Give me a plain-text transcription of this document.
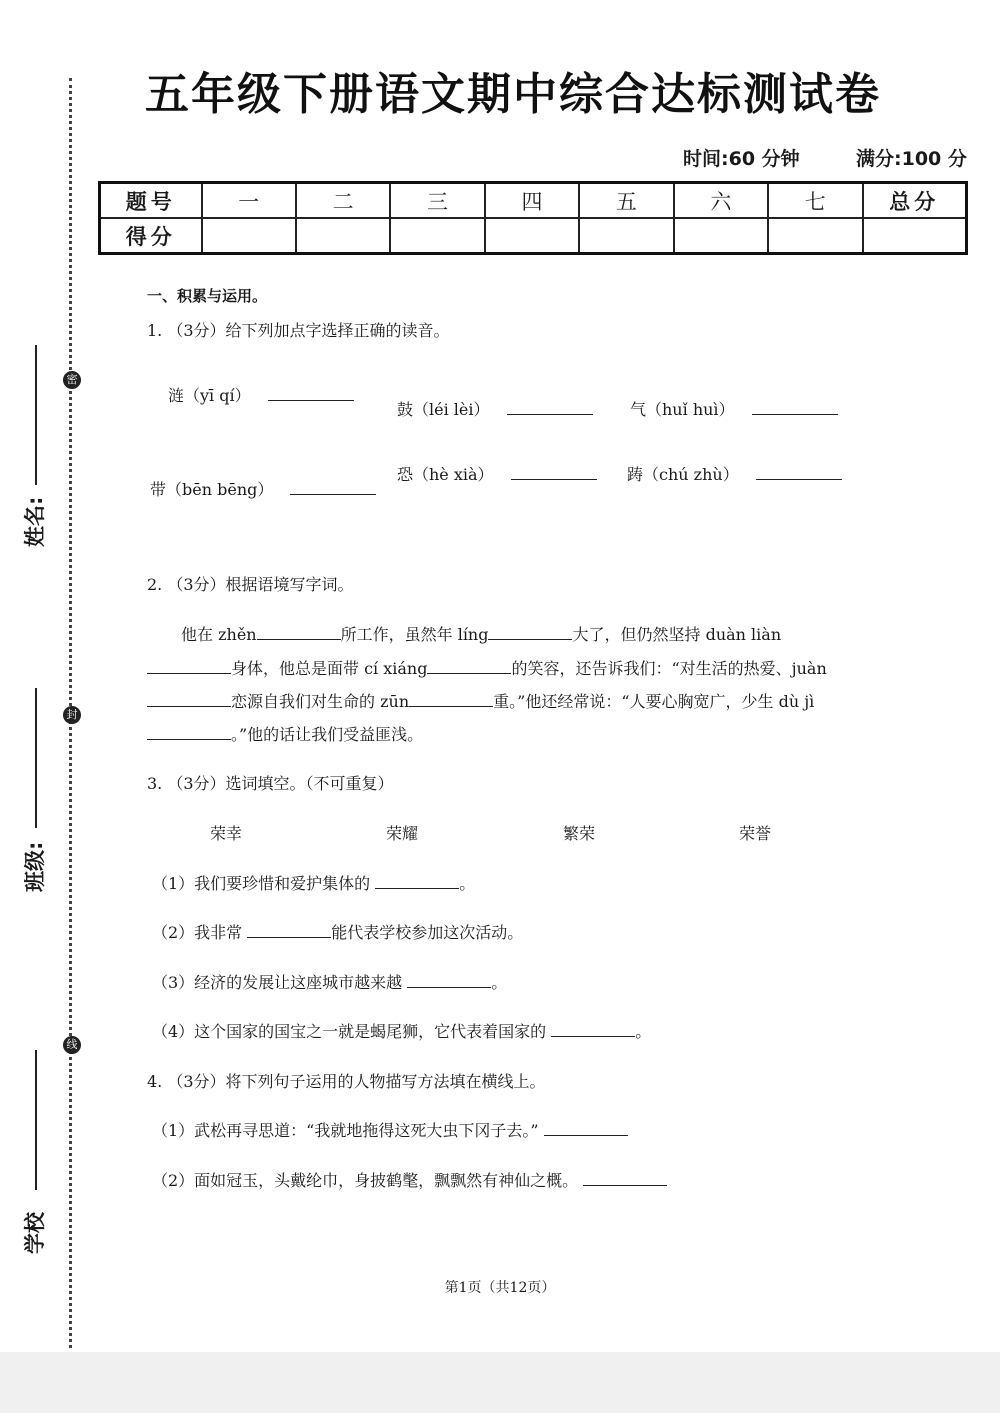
密
封
线
姓名:
班级:
学校
五年级下册语文期中综合达标测试卷
时间:60 分钟	满分:100 分
题号	一	二	三	四	五	六	七	总分
得分								
一、积累与运用。
1. （3分）给下列加点字选择正确的读音。
涟（yī qí）
鼓（léi lèi）	气（huǐ huì）
恐（hè xià）	踌（chú zhù）
带（bēn bēng）
2. （3分）根据语境写字词。
他在 zhěn	所工作，虽然年 líng	大了，但仍然坚持 duàn liàn
身体，他总是面带 cí xiáng	的笑容，还告诉我们：“对生活的热爱、juàn
恋源自我们对生命的 zūn	重。”他还经常说：“人要心胸宽广，少生 dù jì
。”他的话让我们受益匪浅。
3. （3分）选词填空。（不可重复）
荣幸	荣耀	繁荣	荣誉
（1）我们要珍惜和爱护集体的	。
（2）我非常	能代表学校参加这次活动。
（3）经济的发展让这座城市越来越	。
（4）这个国家的国宝之一就是蝎尾狮，它代表着国家的	。
4. （3分）将下列句子运用的人物描写方法填在横线上。
（1）武松再寻思道：“我就地拖得这死大虫下冈子去。”
（2）面如冠玉，头戴纶巾，身披鹤氅，飘飘然有神仙之概。
第1页（共12页）
